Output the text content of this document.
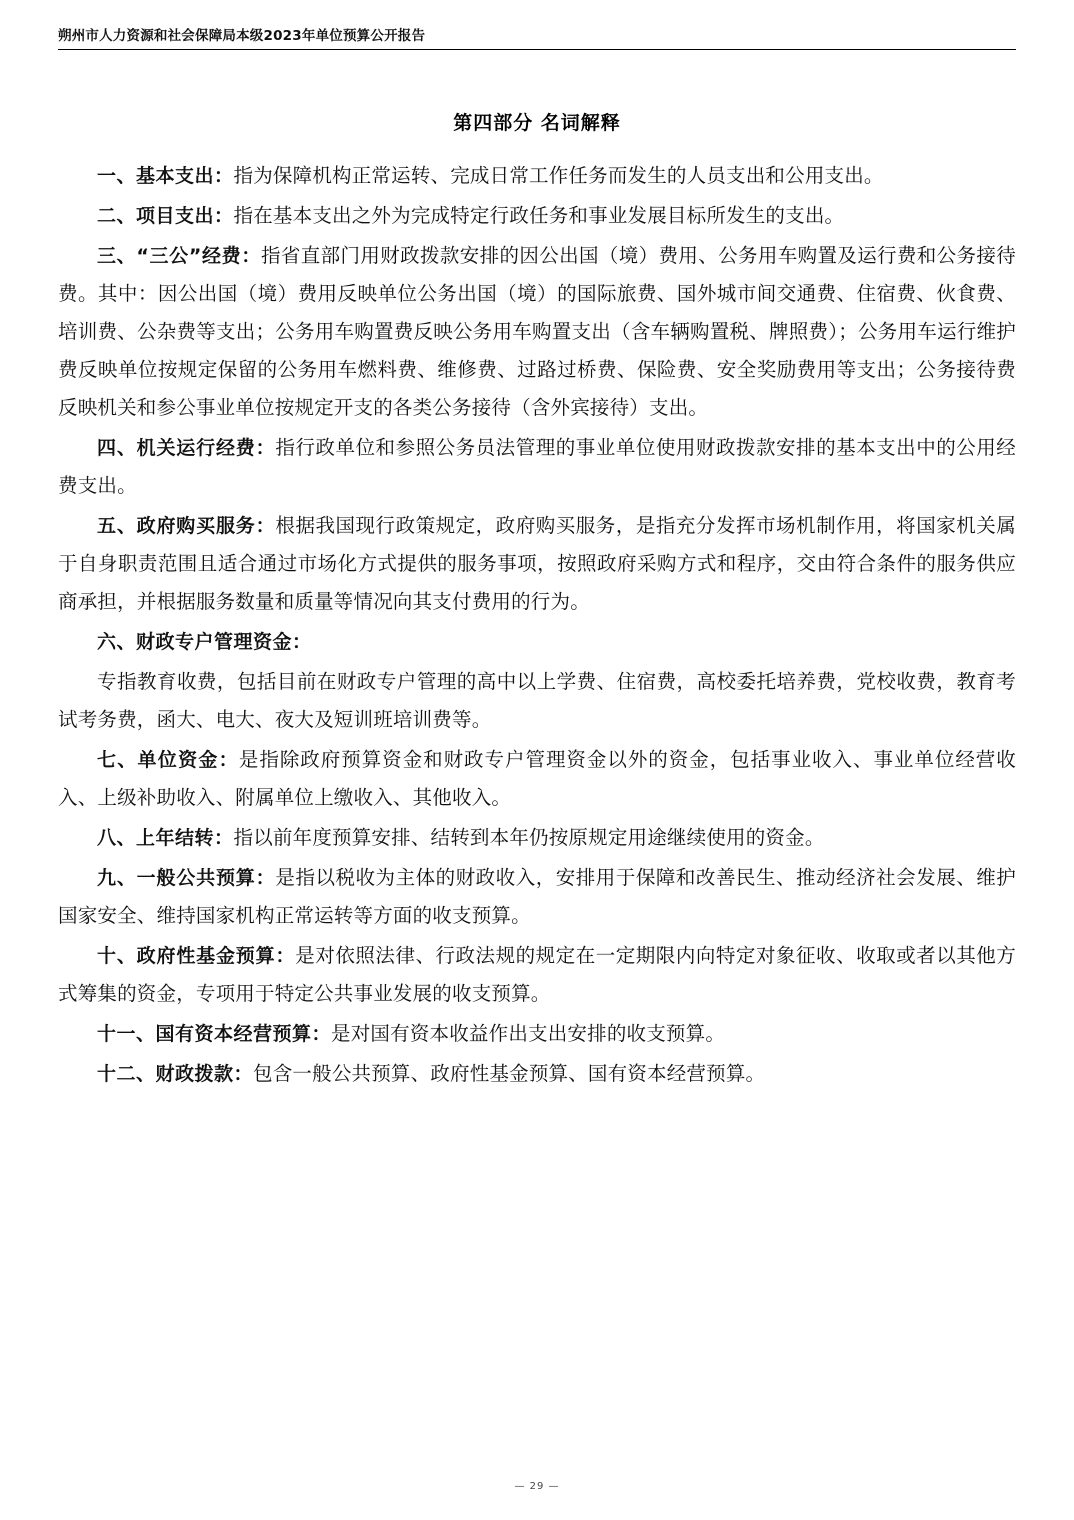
朔州市人力资源和社会保障局本级2023年单位预算公开报告
第四部分 名词解释

一、基本支出：指为保障机构正常运转、完成日常工作任务而发生的人员支出和公用支出。

二、项目支出：指在基本支出之外为完成特定行政任务和事业发展目标所发生的支出。

三、“三公”经费：指省直部门用财政拨款安排的因公出国（境）费用、公务用车购置及运行费和公务接待费。其中：因公出国（境）费用反映单位公务出国（境）的国际旅费、国外城市间交通费、住宿费、伙食费、培训费、公杂费等支出；公务用车购置费反映公务用车购置支出（含车辆购置税、牌照费）；公务用车运行维护费反映单位按规定保留的公务用车燃料费、维修费、过路过桥费、保险费、安全奖励费用等支出；公务接待费反映机关和参公事业单位按规定开支的各类公务接待（含外宾接待）支出。

四、机关运行经费：指行政单位和参照公务员法管理的事业单位使用财政拨款安排的基本支出中的公用经费支出。

五、政府购买服务：根据我国现行政策规定，政府购买服务，是指充分发挥市场机制作用，将国家机关属于自身职责范围且适合通过市场化方式提供的服务事项，按照政府采购方式和程序，交由符合条件的服务供应商承担，并根据服务数量和质量等情况向其支付费用的行为。

六、财政专户管理资金：

专指教育收费，包括目前在财政专户管理的高中以上学费、住宿费，高校委托培养费，党校收费，教育考试考务费，函大、电大、夜大及短训班培训费等。

七、单位资金：是指除政府预算资金和财政专户管理资金以外的资金，包括事业收入、事业单位经营收入、上级补助收入、附属单位上缴收入、其他收入。

八、上年结转：指以前年度预算安排、结转到本年仍按原规定用途继续使用的资金。

九、一般公共预算：是指以税收为主体的财政收入，安排用于保障和改善民生、推动经济社会发展、维护国家安全、维持国家机构正常运转等方面的收支预算。

十、政府性基金预算：是对依照法律、行政法规的规定在一定期限内向特定对象征收、收取或者以其他方式筹集的资金，专项用于特定公共事业发展的收支预算。

十一、国有资本经营预算：是对国有资本收益作出支出安排的收支预算。

十二、财政拨款：包含一般公共预算、政府性基金预算、国有资本经营预算。

— 29 —
